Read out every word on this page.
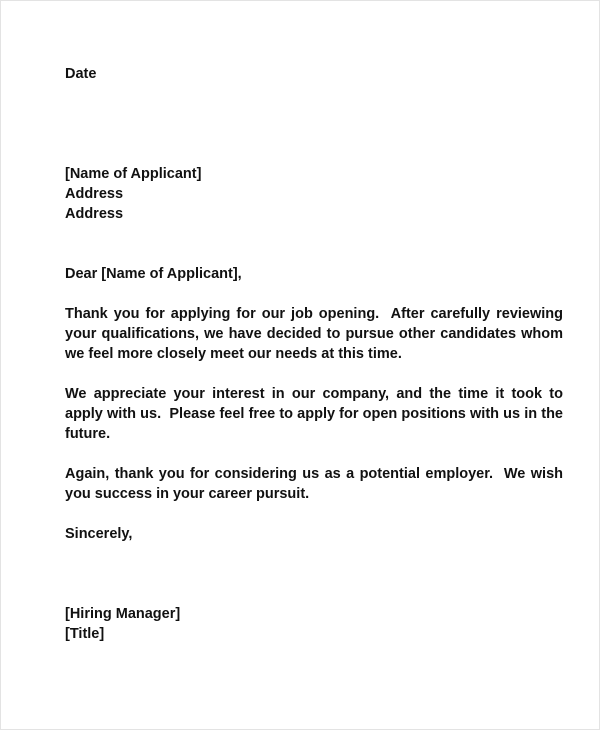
Date
[Name of Applicant]
Address
Address
Dear [Name of Applicant],
Thank you for applying for our job opening.  After carefully reviewing your qualifications, we have decided to pursue other candidates whom we feel more closely meet our needs at this time.
We appreciate your interest in our company, and the time it took to apply with us.  Please feel free to apply for open positions with us in the future.
Again, thank you for considering us as a potential employer.  We wish you success in your career pursuit.
Sincerely,
[Hiring Manager]
[Title]
